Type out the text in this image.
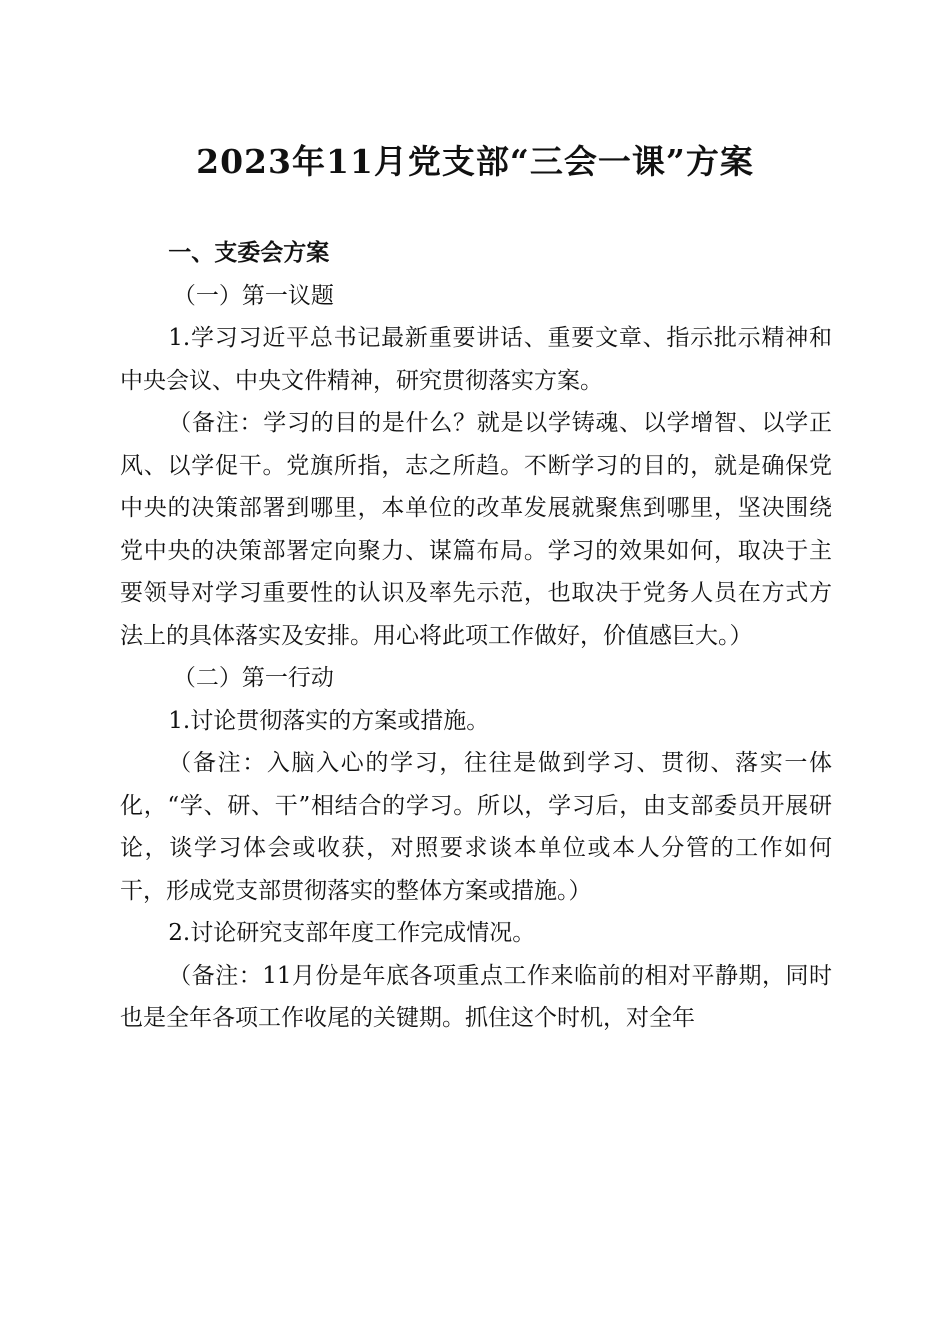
2023年11月党支部“三会一课”方案

一、支委会方案

（一）第一议题

1.学习习近平总书记最新重要讲话、重要文章、指示批示精神和中央会议、中央文件精神，研究贯彻落实方案。

（备注：学习的目的是什么？就是以学铸魂、以学增智、以学正风、以学促干。党旗所指，志之所趋。不断学习的目的，就是确保党中央的决策部署到哪里，本单位的改革发展就聚焦到哪里，坚决围绕党中央的决策部署定向聚力、谋篇布局。学习的效果如何，取决于主要领导对学习重要性的认识及率先示范，也取决于党务人员在方式方法上的具体落实及安排。用心将此项工作做好，价值感巨大。）

（二）第一行动

1.讨论贯彻落实的方案或措施。

（备注：入脑入心的学习，往往是做到学习、贯彻、落实一体化，“学、研、干”相结合的学习。所以，学习后，由支部委员开展研论，谈学习体会或收获，对照要求谈本单位或本人分管的工作如何干，形成党支部贯彻落实的整体方案或措施。）

2.讨论研究支部年度工作完成情况。

（备注：11月份是年底各项重点工作来临前的相对平静期，同时也是全年各项工作收尾的关键期。抓住这个时机，对全年
